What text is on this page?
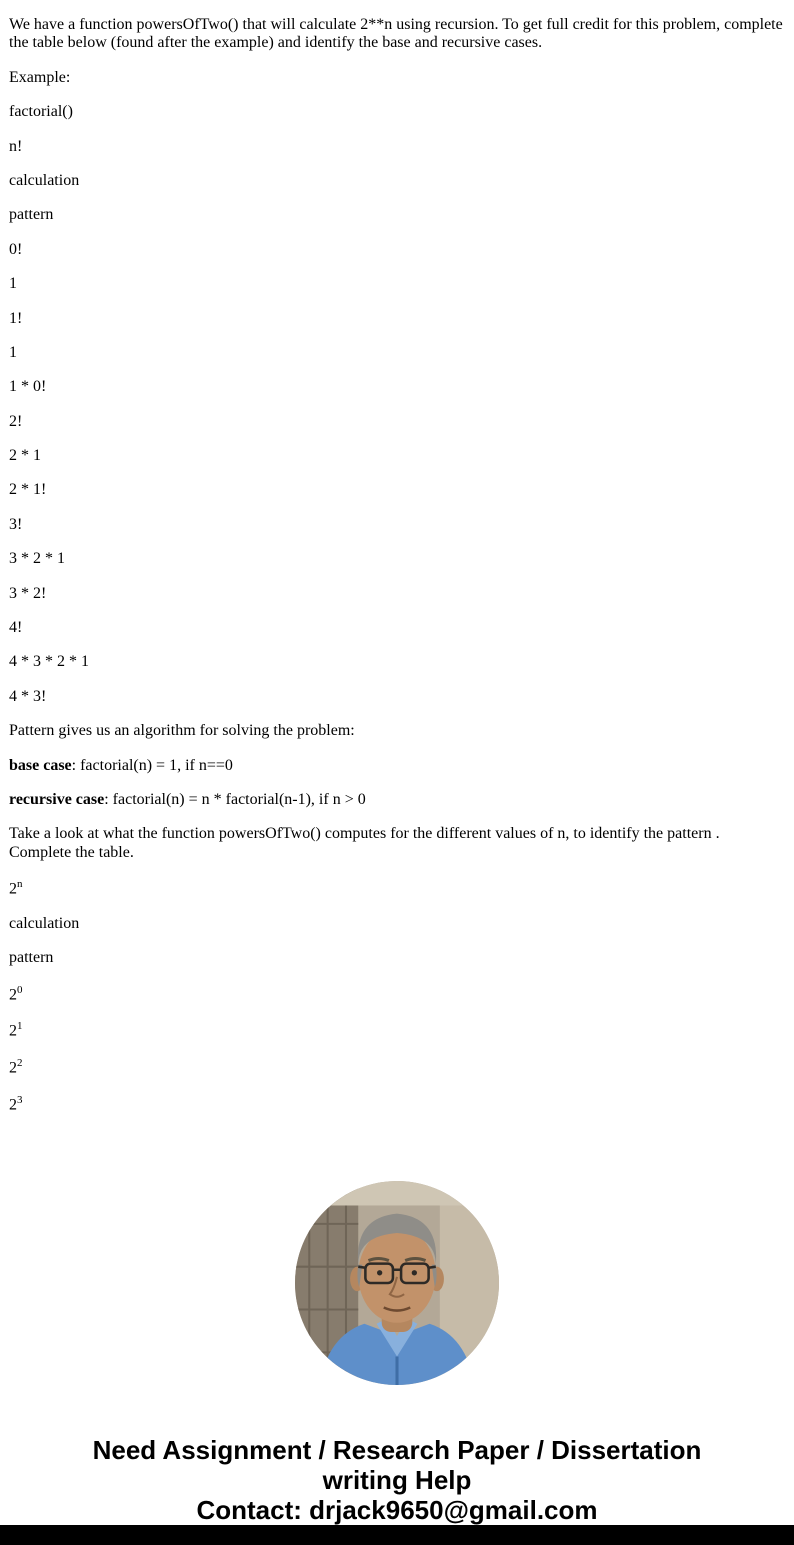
We have a function powersOfTwo() that will calculate 2**n using recursion. To get full credit for this problem, complete the table below (found after the example) and identify the base and recursive cases.

Example:

factorial()

n!

calculation

pattern

0!

1

1!

1

1 * 0!

2!

2 * 1

2 * 1!

3!

3 * 2 * 1

3 * 2!

4!

4 * 3 * 2 * 1

4 * 3!

Pattern gives us an algorithm for solving the problem:

base case: factorial(n) = 1, if n==0

recursive case: factorial(n) = n * factorial(n-1), if n > 0

Take a look at what the function powersOfTwo() computes for the different values of n, to identify the pattern . Complete the table.

2$^n$

calculation

pattern

$2^0$

$2^1$

$2^2$

$2^3$

Need Assignment / Research Paper / Dissertation
writing Help
Contact: drjack9650@gmail.com
